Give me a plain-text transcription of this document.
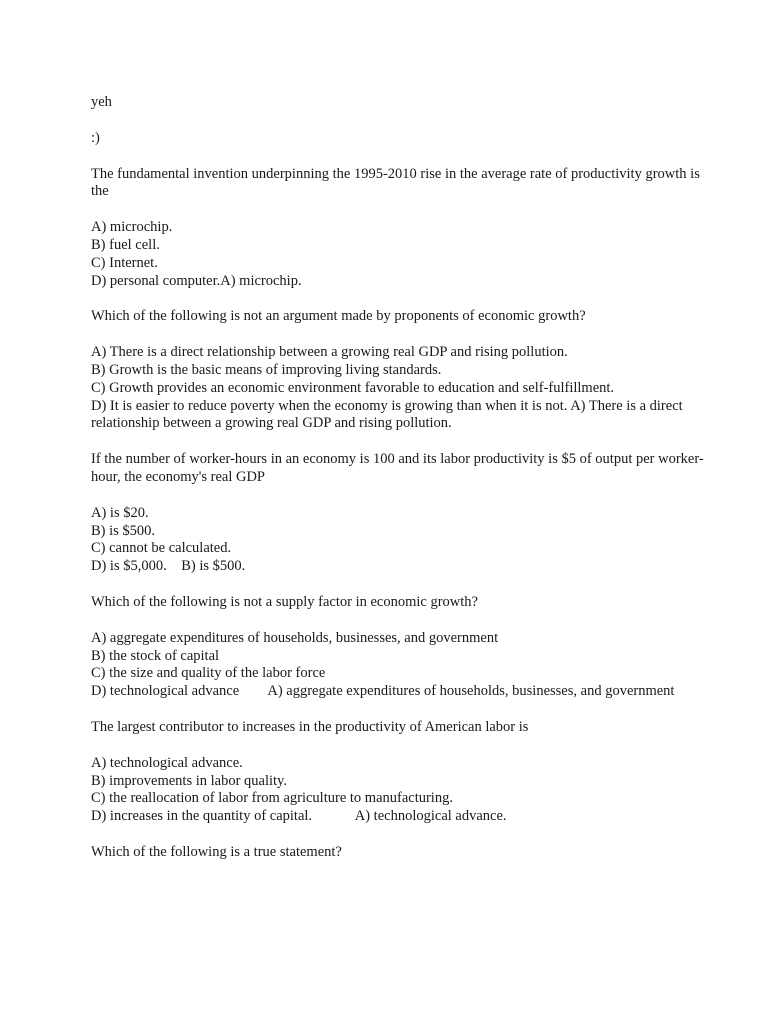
yeh

:)

The fundamental invention underpinning the 1995-2010 rise in the average rate of productivity growth is the

A) microchip.
B) fuel cell.
C) Internet.
D) personal computer.A) microchip.

Which of the following is not an argument made by proponents of economic growth?

A) There is a direct relationship between a growing real GDP and rising pollution.
B) Growth is the basic means of improving living standards.
C) Growth provides an economic environment favorable to education and self-fulfillment.
D) It is easier to reduce poverty when the economy is growing than when it is not. A) There is a direct relationship between a growing real GDP and rising pollution.

If the number of worker-hours in an economy is 100 and its labor productivity is $5 of output per worker-hour, the economy's real GDP

A) is $20.
B) is $500.
C) cannot be calculated.
D) is $5,000.    B) is $500.

Which of the following is not a supply factor in economic growth?

A) aggregate expenditures of households, businesses, and government
B) the stock of capital
C) the size and quality of the labor force
D) technological advance        A) aggregate expenditures of households, businesses, and government

The largest contributor to increases in the productivity of American labor is

A) technological advance.
B) improvements in labor quality.
C) the reallocation of labor from agriculture to manufacturing.
D) increases in the quantity of capital.            A) technological advance.

Which of the following is a true statement?
